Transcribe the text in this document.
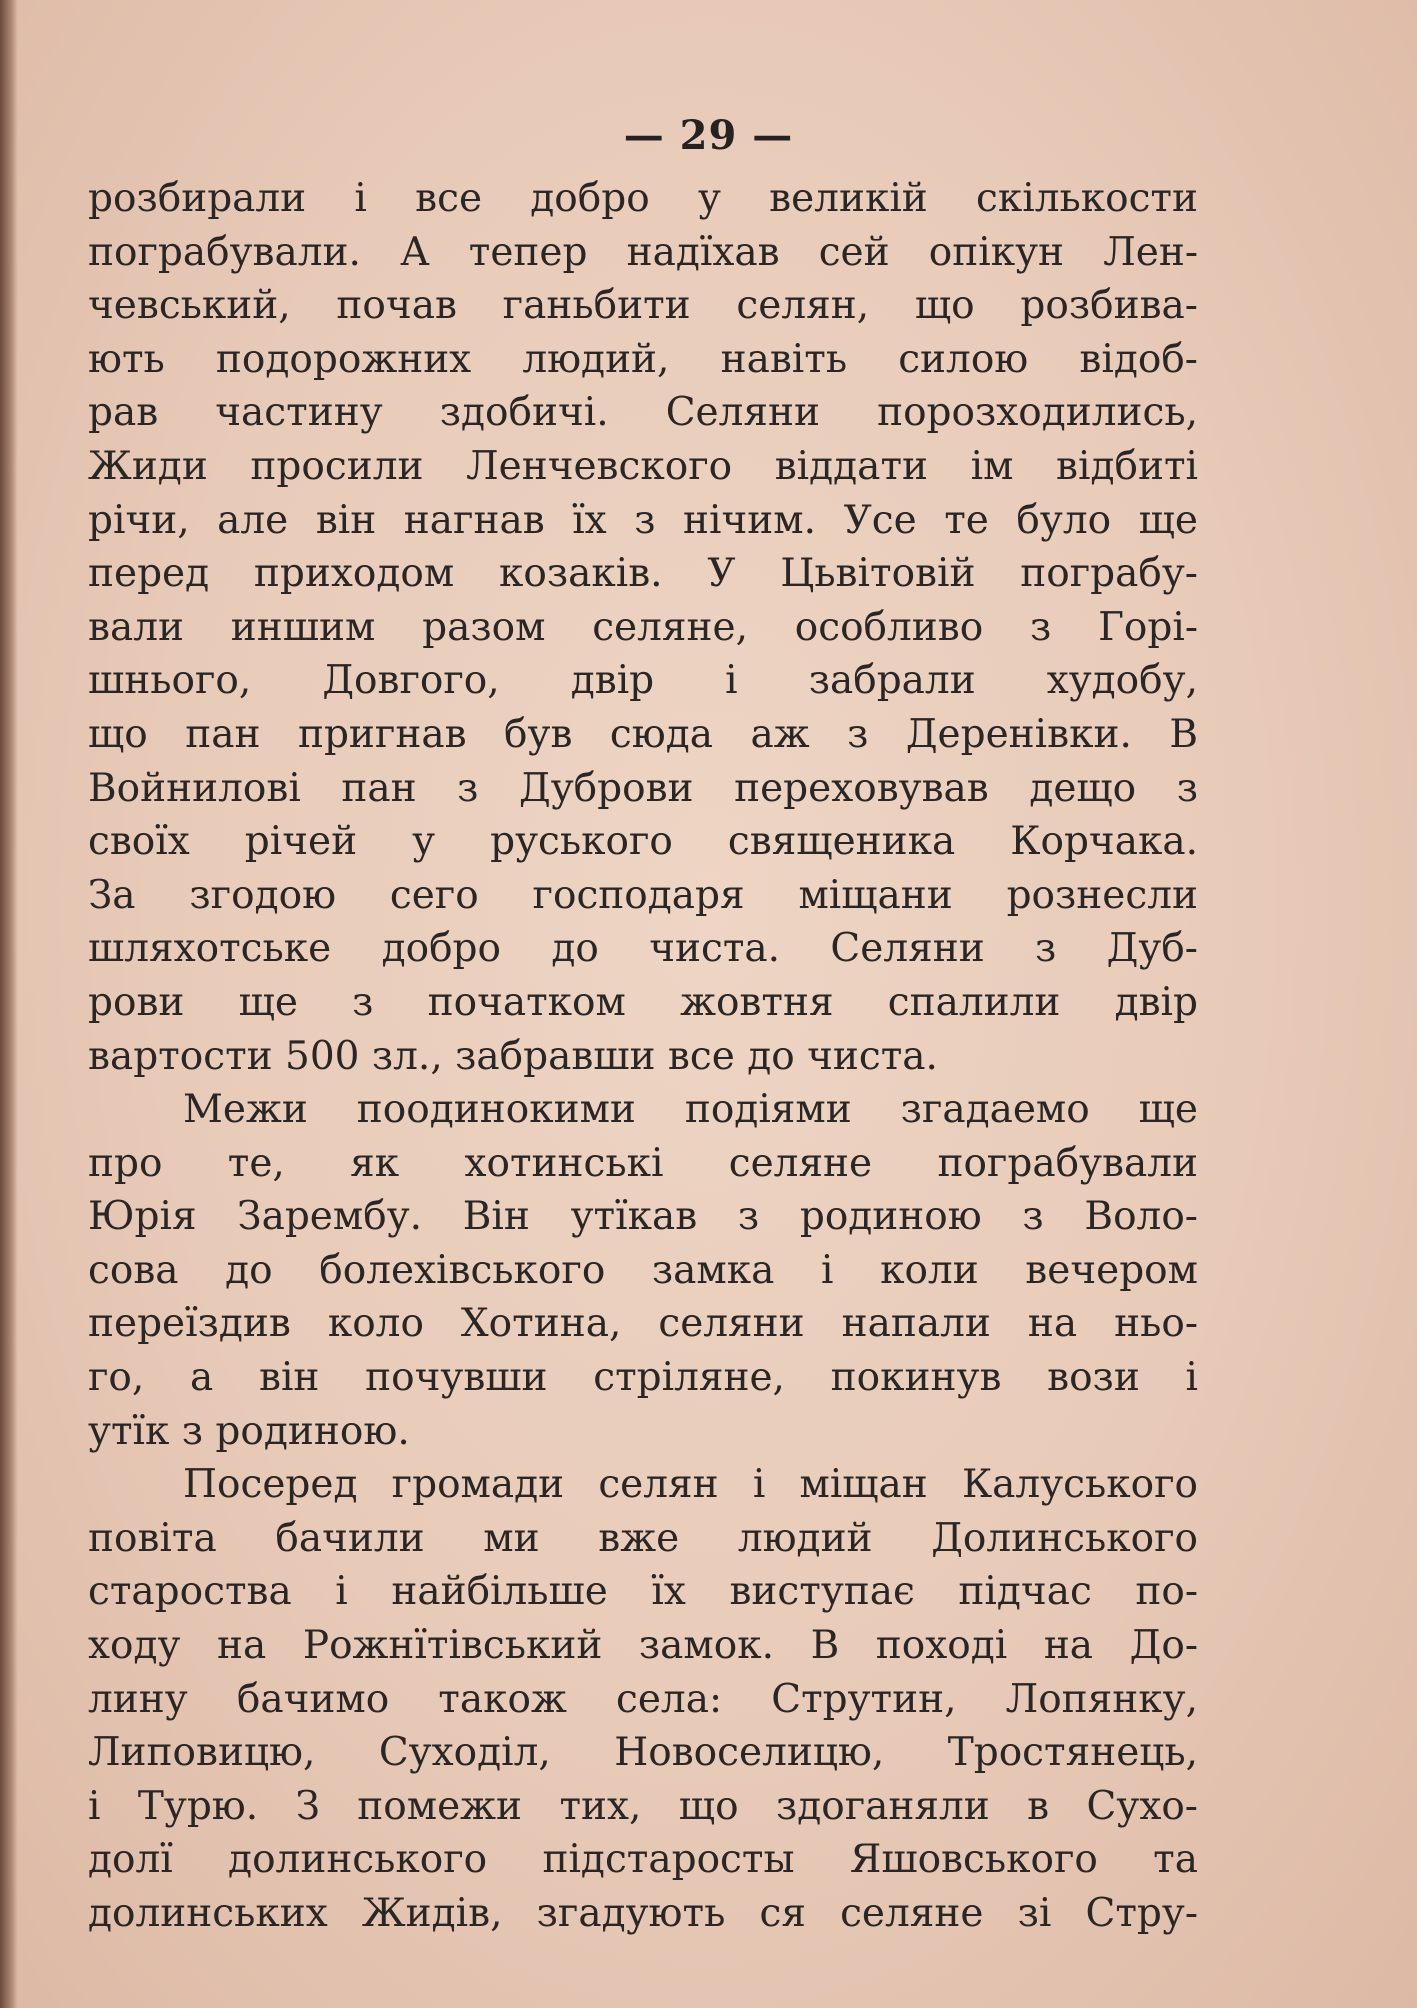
— 29 —
розбирали і все добро у великій скількости
пограбували. А тепер надїхав сей опікун Лен-
чевський, почав ганьбити селян, що розбива-
ють подорожних людий, навіть силою відоб-
рав частину здобичі. Селяни порозходились,
Жиди просили Ленчевского віддати ім відбиті
річи, але він нагнав їх з нічим. Усе те було ще
перед приходом козаків. У Цьвітовій пограбу-
вали иншим разом селяне, особливо з Горі-
шнього, Довгого, двір і забрали худобу,
що пан пригнав був сюда аж з Деренівки. В
Войнилові пан з Дуброви переховував дещо з
своїх річей у руського священика Корчака.
За згодою сего господаря міщани рознесли
шляхотське добро до чиста. Селяни з Дуб-
рови ще з початком жовтня спалили двір
вартости 500 зл., забравши все до чиста.
Межи поодинокими подіями згадаемо ще
про те, як хотинські селяне пограбували
Юрія Зарембу. Він утїкав з родиною з Воло-
сова до болехівського замка і коли вечером
переїздив коло Хотина, селяни напали на ньо-
го, а він почувши стріляне, покинув вози і
утїк з родиною.
Посеред громади селян і міщан Калуського
повіта бачили ми вже людий Долинського
староства і найбільше їх виступає підчас по-
ходу на Рожнїтівський замок. В поході на До-
лину бачимо також села: Струтин, Лопянку,
Липовицю, Суходіл, Новоселицю, Тростянець,
і Турю. З помежи тих, що здоганяли в Сухо-
долї долинського підстаросты Яшовського та
долинських Жидів, згадують ся селяне зі Стру-
